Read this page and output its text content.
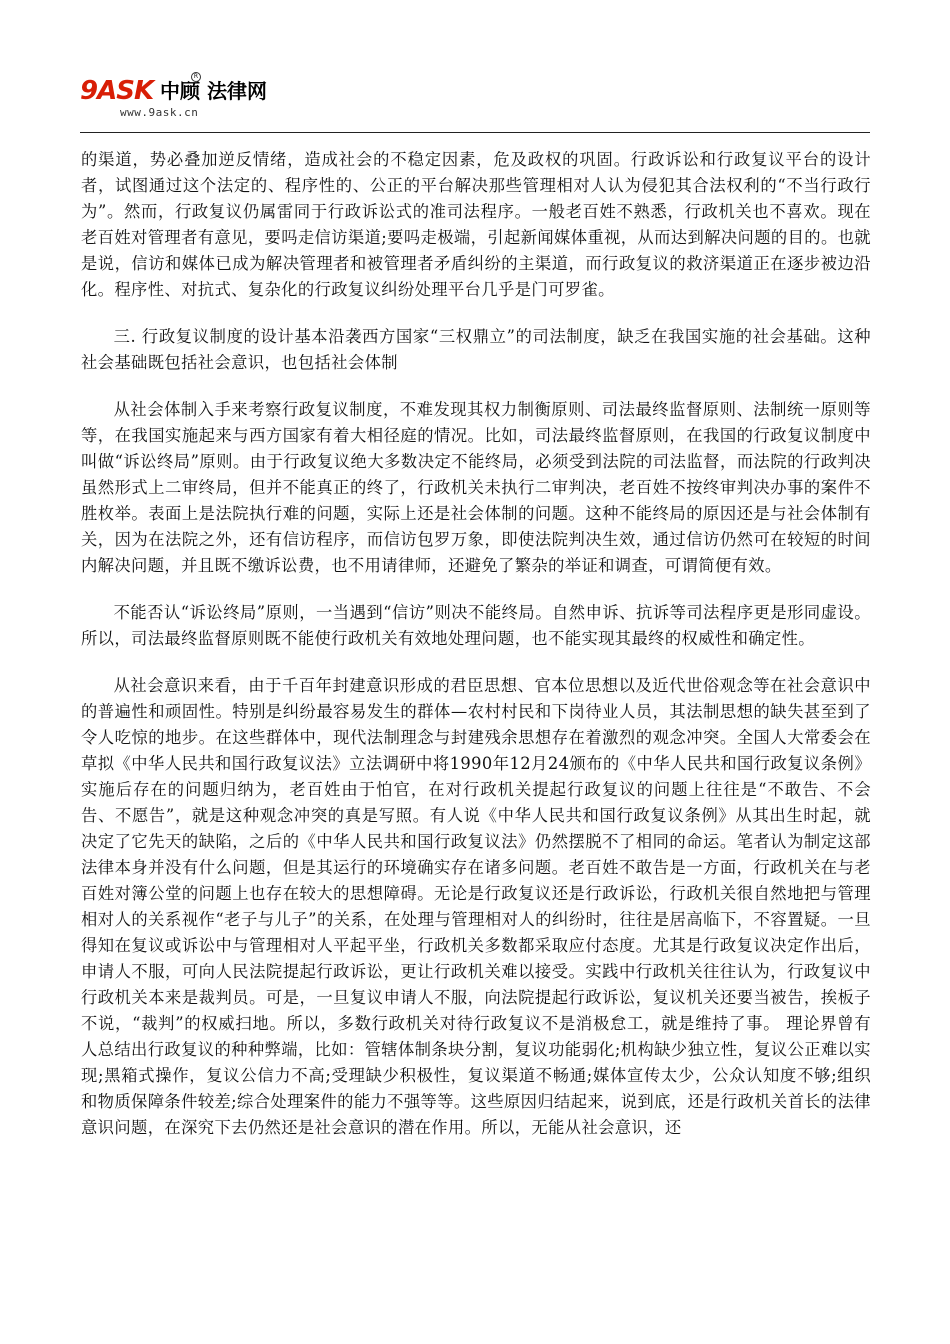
9ASK 中顾 法律网
R
www.9ask.cn

的渠道，势必叠加逆反情绪，造成社会的不稳定因素，危及政权的巩固。行政诉讼和行政复议平台的设计者，试图通过这个法定的、程序性的、公正的平台解决那些管理相对人认为侵犯其合法权利的“不当行政行为”。然而，行政复议仍属雷同于行政诉讼式的准司法程序。一般老百姓不熟悉，行政机关也不喜欢。现在老百姓对管理者有意见，要吗走信访渠道;要吗走极端，引起新闻媒体重视，从而达到解决问题的目的。也就是说，信访和媒体已成为解决管理者和被管理者矛盾纠纷的主渠道，而行政复议的救济渠道正在逐步被边沿化。程序性、对抗式、复杂化的行政复议纠纷处理平台几乎是门可罗雀。

三. 行政复议制度的设计基本沿袭西方国家“三权鼎立”的司法制度，缺乏在我国实施的社会基础。这种社会基础既包括社会意识，也包括社会体制

从社会体制入手来考察行政复议制度，不难发现其权力制衡原则、司法最终监督原则、法制统一原则等等，在我国实施起来与西方国家有着大相径庭的情况。比如，司法最终监督原则，在我国的行政复议制度中叫做“诉讼终局”原则。由于行政复议绝大多数决定不能终局，必须受到法院的司法监督，而法院的行政判决虽然形式上二审终局，但并不能真正的终了，行政机关未执行二审判决，老百姓不按终审判决办事的案件不胜枚举。表面上是法院执行难的问题，实际上还是社会体制的问题。这种不能终局的原因还是与社会体制有关，因为在法院之外，还有信访程序，而信访包罗万象，即使法院判决生效，通过信访仍然可在较短的时间内解决问题，并且既不缴诉讼费，也不用请律师，还避免了繁杂的举证和调查，可谓简便有效。

不能否认“诉讼终局”原则，一当遇到“信访”则决不能终局。自然申诉、抗诉等司法程序更是形同虚设。所以，司法最终监督原则既不能使行政机关有效地处理问题，也不能实现其最终的权威性和确定性。

从社会意识来看，由于千百年封建意识形成的君臣思想、官本位思想以及近代世俗观念等在社会意识中的普遍性和顽固性。特别是纠纷最容易发生的群体—农村村民和下岗待业人员，其法制思想的缺失甚至到了令人吃惊的地步。在这些群体中，现代法制理念与封建残余思想存在着激烈的观念冲突。全国人大常委会在草拟《中华人民共和国行政复议法》立法调研中将1990年12月24颁布的《中华人民共和国行政复议条例》实施后存在的问题归纳为，老百姓由于怕官，在对行政机关提起行政复议的问题上往往是“不敢告、不会告、不愿告”，就是这种观念冲突的真是写照。有人说《中华人民共和国行政复议条例》从其出生时起，就决定了它先天的缺陷，之后的《中华人民共和国行政复议法》仍然摆脱不了相同的命运。笔者认为制定这部法律本身并没有什么问题，但是其运行的环境确实存在诸多问题。老百姓不敢告是一方面，行政机关在与老百姓对簿公堂的问题上也存在较大的思想障碍。无论是行政复议还是行政诉讼，行政机关很自然地把与管理相对人的关系视作“老子与儿子”的关系，在处理与管理相对人的纠纷时，往往是居高临下，不容置疑。一旦得知在复议或诉讼中与管理相对人平起平坐，行政机关多数都采取应付态度。尤其是行政复议决定作出后，申请人不服，可向人民法院提起行政诉讼，更让行政机关难以接受。实践中行政机关往往认为，行政复议中行政机关本来是裁判员。可是，一旦复议申请人不服，向法院提起行政诉讼，复议机关还要当被告，挨板子不说，“裁判”的权威扫地。所以，多数行政机关对待行政复议不是消极怠工，就是维持了事。 理论界曾有人总结出行政复议的种种弊端，比如：管辖体制条块分割，复议功能弱化;机构缺少独立性，复议公正难以实现;黑箱式操作，复议公信力不高;受理缺少积极性，复议渠道不畅通;媒体宣传太少，公众认知度不够;组织和物质保障条件较差;综合处理案件的能力不强等等。这些原因归结起来，说到底，还是行政机关首长的法律意识问题，在深究下去仍然还是社会意识的潜在作用。所以，无能从社会意识，还
